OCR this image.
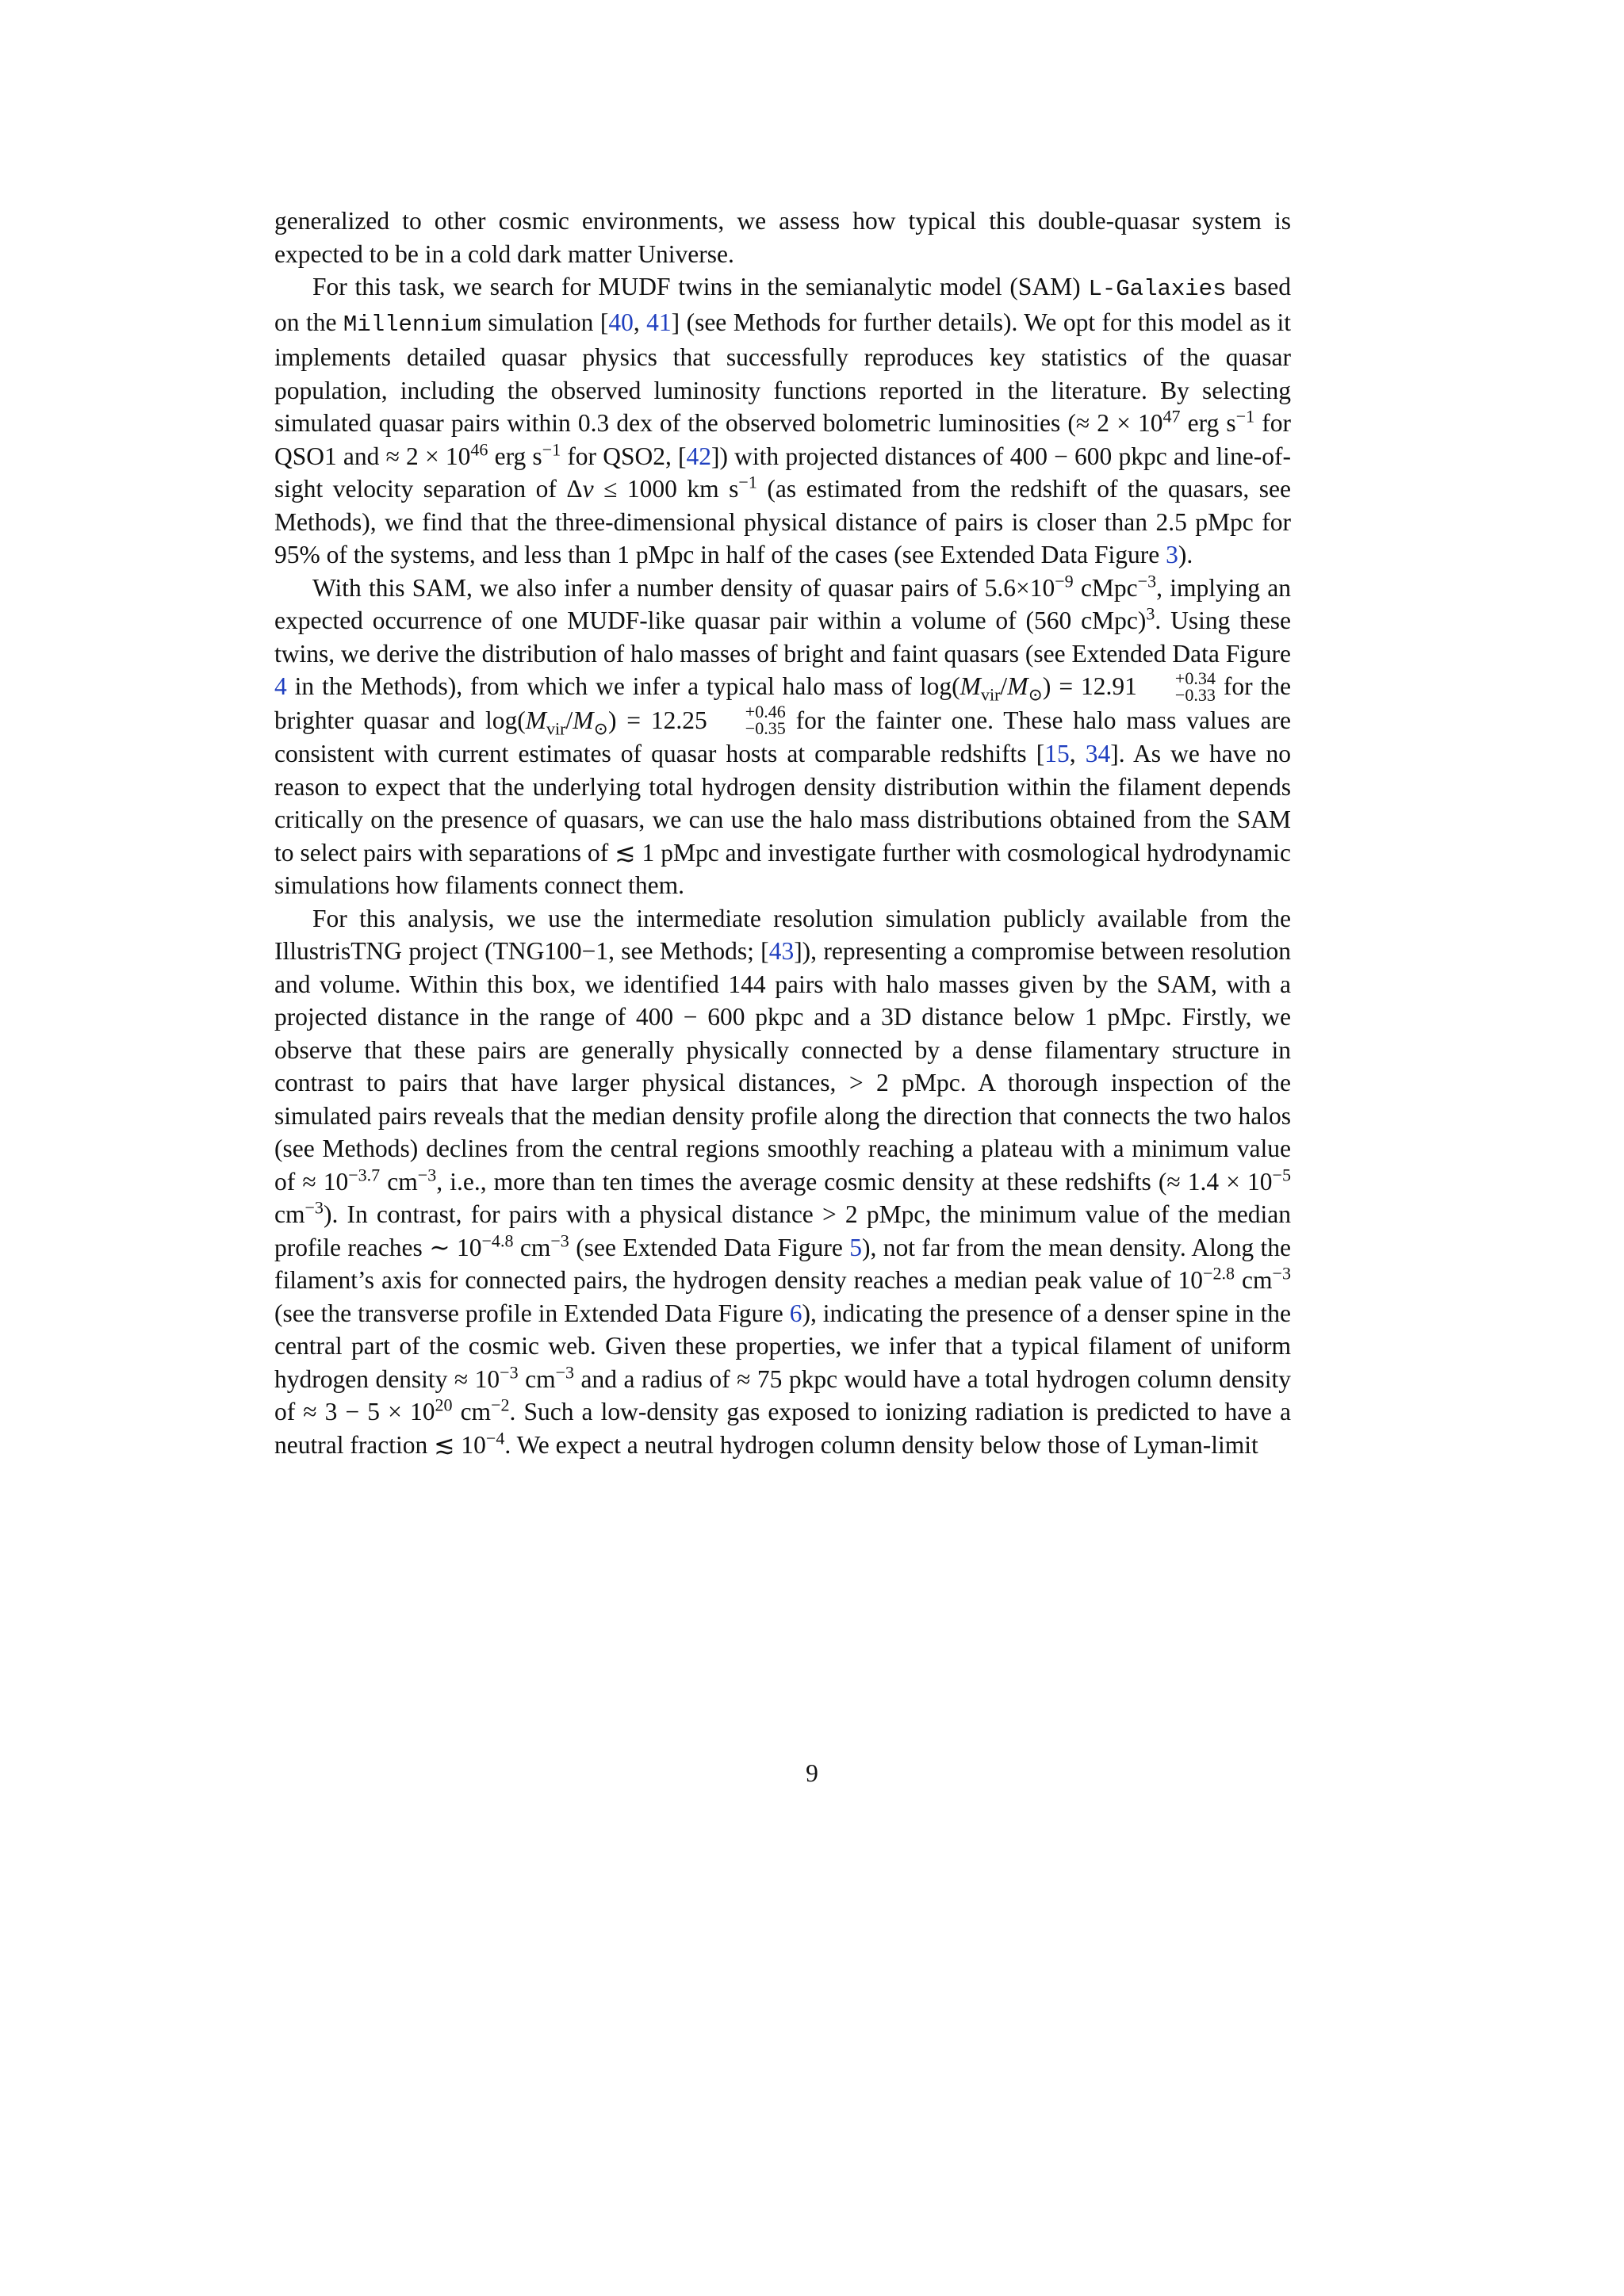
generalized to other cosmic environments, we assess how typical this double-quasar system is expected to be in a cold dark matter Universe.

For this task, we search for MUDF twins in the semianalytic model (SAM) L-Galaxies based on the Millennium simulation [40, 41] (see Methods for further details). We opt for this model as it implements detailed quasar physics that successfully reproduces key statistics of the quasar population, including the observed luminosity functions reported in the literature. By selecting simulated quasar pairs within 0.3 dex of the observed bolometric luminosities (≈ $2 \times 10^{47}$ erg $s^{-1}$ for QSO1 and ≈ $2 \times 10^{46}$ erg $s^{-1}$ for QSO2, [42]) with projected distances of 400 − 600 pkpc and line-of-sight velocity separation of Δv ≤ 1000 km $s^{-1}$ (as estimated from the redshift of the quasars, see Methods), we find that the three-dimensional physical distance of pairs is closer than 2.5 pMpc for 95% of the systems, and less than 1 pMpc in half of the cases (see Extended Data Figure 3).

With this SAM, we also infer a number density of quasar pairs of $5.6\times 10^{-9}$ cMpc$^{-3}$, implying an expected occurrence of one MUDF-like quasar pair within a volume of (560 cMpc)$^3$. Using these twins, we derive the distribution of halo masses of bright and faint quasars (see Extended Data Figure 4 in the Methods), from which we infer a typical halo mass of $\log(M_{vir}/M_⊙) = 12.91$	+0.34
−0.33 for the brighter quasar and $\log(M_{vir}/M_⊙) = 12.25$	+0.46
−0.35 for the fainter one. These halo mass values are consistent with current estimates of quasar hosts at comparable redshifts [15, 34]. As we have no reason to expect that the underlying total hydrogen density distribution within the filament depends critically on the presence of quasars, we can use the halo mass distributions obtained from the SAM to select pairs with separations of ≲ 1 pMpc and investigate further with cosmological hydrodynamic simulations how filaments connect them.

For this analysis, we use the intermediate resolution simulation publicly available from the IllustrisTNG project (TNG100−1, see Methods; [43]), representing a compromise between resolution and volume. Within this box, we identified 144 pairs with halo masses given by the SAM, with a projected distance in the range of 400 − 600 pkpc and a 3D distance below 1 pMpc. Firstly, we observe that these pairs are generally physically connected by a dense filamentary structure in contrast to pairs that have larger physical distances, > 2 pMpc. A thorough inspection of the simulated pairs reveals that the median density profile along the direction that connects the two halos (see Methods) declines from the central regions smoothly reaching a plateau with a minimum value of ≈ $10^{-3.7}$ $cm^{-3}$, i.e., more than ten times the average cosmic density at these redshifts (≈ $1.4 \times 10^{-5}$ $cm^{-3}$). In contrast, for pairs with a physical distance > 2 pMpc, the minimum value of the median profile reaches ∼ $10^{-4.8}$ $cm^{-3}$ (see Extended Data Figure 5), not far from the mean density. Along the filament’s axis for connected pairs, the hydrogen density reaches a median peak value of $10^{-2.8}$ $cm^{-3}$ (see the transverse profile in Extended Data Figure 6), indicating the presence of a denser spine in the central part of the cosmic web. Given these properties, we infer that a typical filament of uniform hydrogen density ≈ $10^{-3}$ $cm^{-3}$ and a radius of ≈ 75 pkpc would have a total hydrogen column density of ≈ $3 - 5 \times 10^{20}$ $cm^{-2}$. Such a low-density gas exposed to ionizing radiation is predicted to have a neutral fraction ≲ $10^{-4}$. We expect a neutral hydrogen column density below those of Lyman-limit

9
